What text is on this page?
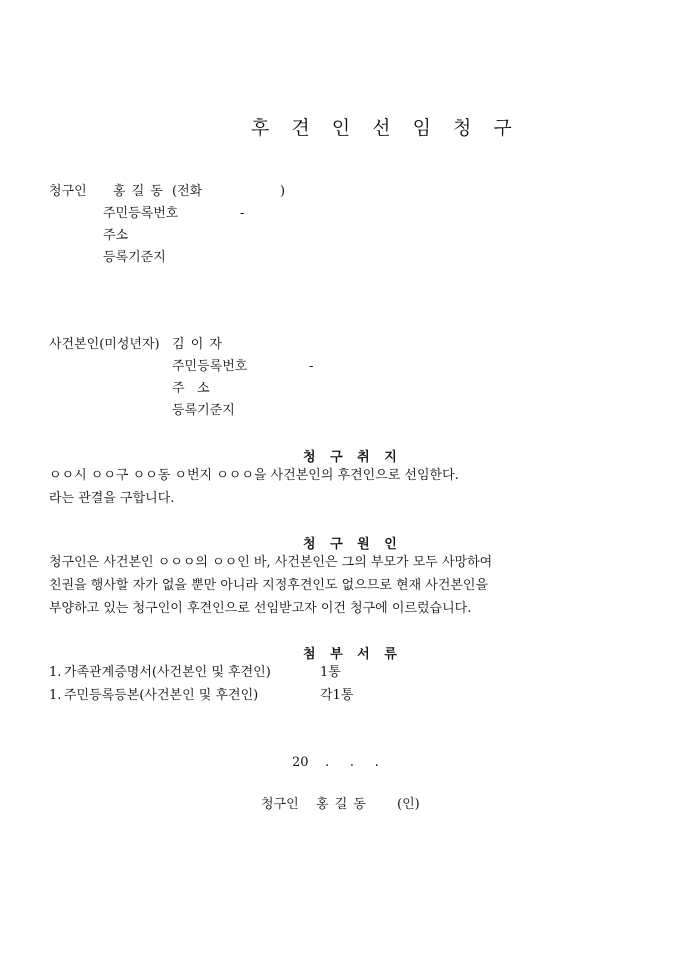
후 견 인 선 임 청 구
청구인 홍 길 동 (전화	)
주민등록번호	-
주소
등록기준지
사건본인(미성년자) 김 이 자
주민등록번호	-
주   소
등록기준지
청 구 취 지
ㅇㅇ시 ㅇㅇ구 ㅇㅇ동 ㅇ번지 ㅇㅇㅇ을 사건본인의 후견인으로 선임한다.
라는 관결을 구합니다.
청 구 원 인
청구인은 사건본인 ㅇㅇㅇ의 ㅇㅇ인 바, 사건본인은 그의 부모가 모두 사망하여
친권을 행사할 자가 없을 뿐만 아니라 지정후견인도 없으므로 현재 사건본인을
부양하고 있는 청구인이 후견인으로 선임받고자 이건 청구에 이르렀습니다.
첨 부 서 류
1. 가족관계증명서(사건본인 및 후견인)	1통
1. 주민등록등본(사건본인 및 후견인)	각1통
20    .     .     .
청구인 홍 길 동 (인)
